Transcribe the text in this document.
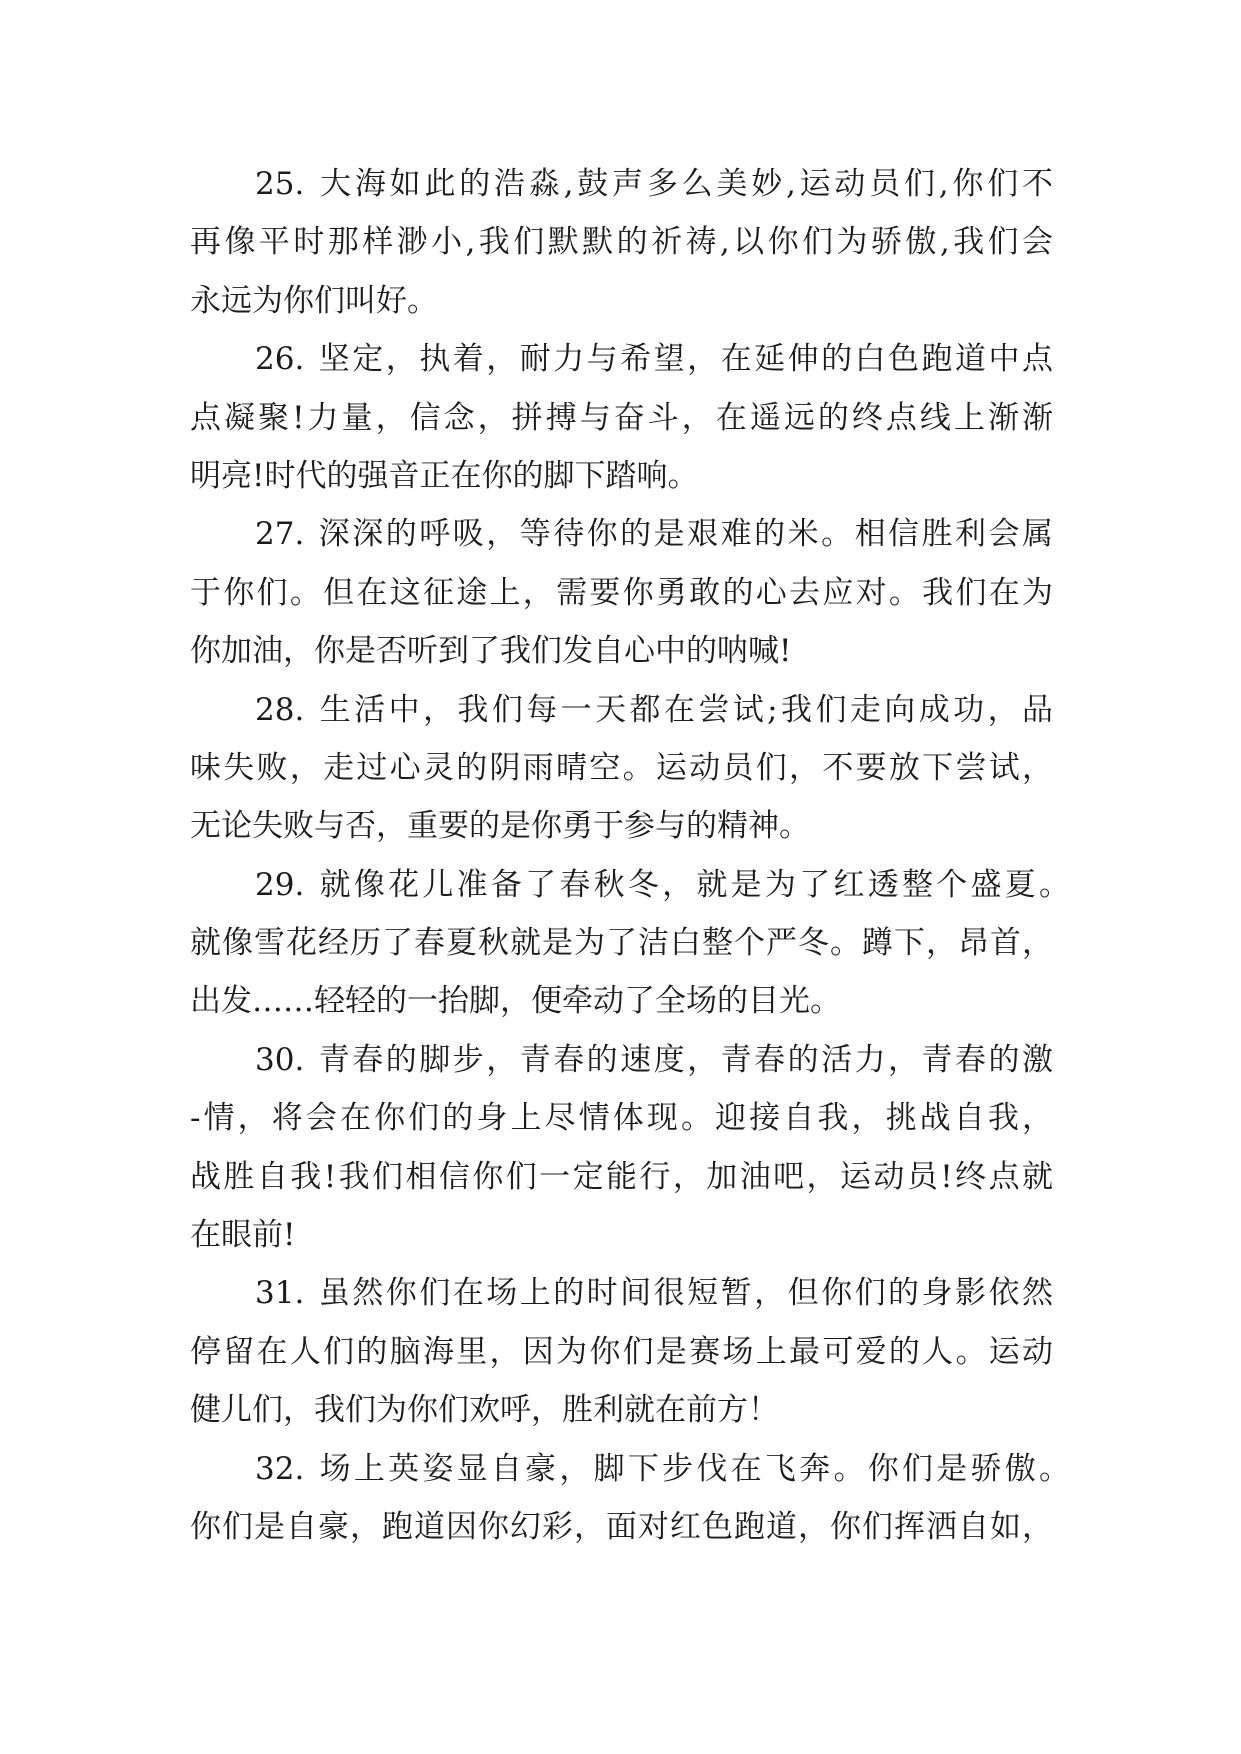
25. 大海如此的浩淼,鼓声多么美妙,运动员们,你们不
再像平时那样渺小,我们默默的祈祷,以你们为骄傲,我们会
永远为你们叫好。
26. 坚定，执着，耐力与希望，在延伸的白色跑道中点
点凝聚!力量，信念，拼搏与奋斗，在遥远的终点线上渐渐
明亮!时代的强音正在你的脚下踏响。
27. 深深的呼吸，等待你的是艰难的米。相信胜利会属
于你们。但在这征途上，需要你勇敢的心去应对。我们在为
你加油，你是否听到了我们发自心中的呐喊!
28. 生活中，我们每一天都在尝试;我们走向成功，品
味失败，走过心灵的阴雨晴空。运动员们，不要放下尝试，
无论失败与否，重要的是你勇于参与的精神。
29. 就像花儿准备了春秋冬，就是为了红透整个盛夏。
就像雪花经历了春夏秋就是为了洁白整个严冬。蹲下，昂首，
出发……轻轻的一抬脚，便牵动了全场的目光。
30. 青春的脚步，青春的速度，青春的活力，青春的激
-情，将会在你们的身上尽情体现。迎接自我，挑战自我，
战胜自我!我们相信你们一定能行，加油吧，运动员!终点就
在眼前!
31. 虽然你们在场上的时间很短暂，但你们的身影依然
停留在人们的脑海里，因为你们是赛场上最可爱的人。运动
健儿们，我们为你们欢呼，胜利就在前方！
32. 场上英姿显自豪，脚下步伐在飞奔。你们是骄傲。
你们是自豪，跑道因你幻彩，面对红色跑道，你们挥洒自如，
